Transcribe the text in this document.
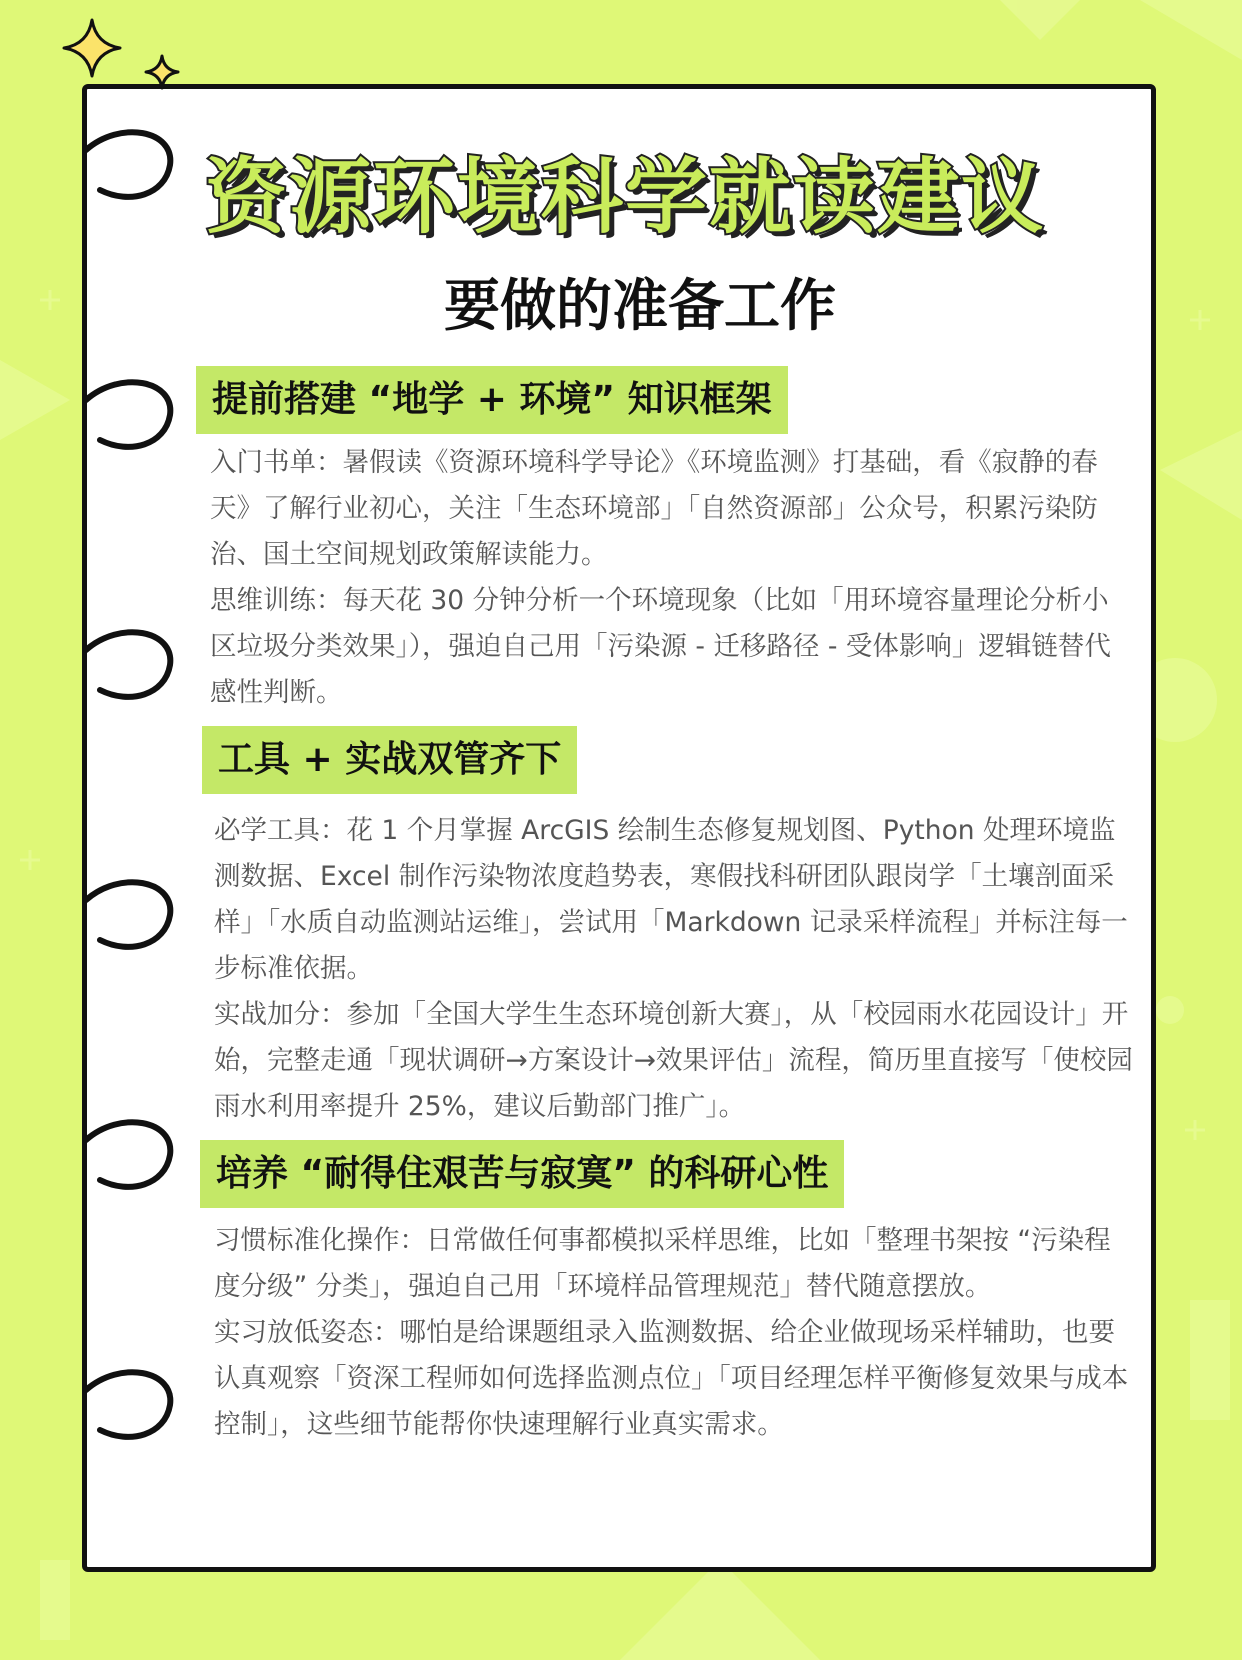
资源环境科学就读建议
要做的准备工作
提前搭建 “地学 + 环境” 知识框架

入门书单：暑假读《资源环境科学导论》《环境监测》打基础，看《寂静的春天》了解行业初心，关注「生态环境部」「自然资源部」公众号，积累污染防治、国土空间规划政策解读能力。

思维训练：每天花 30 分钟分析一个环境现象（比如「用环境容量理论分析小区垃圾分类效果」），强迫自己用「污染源 - 迁移路径 - 受体影响」逻辑链替代感性判断。

工具 + 实战双管齐下

必学工具：花 1 个月掌握 ArcGIS 绘制生态修复规划图、Python 处理环境监测数据、Excel 制作污染物浓度趋势表，寒假找科研团队跟岗学「土壤剖面采样」「水质自动监测站运维」，尝试用「Markdown 记录采样流程」并标注每一步标准依据。

实战加分：参加「全国大学生生态环境创新大赛」，从「校园雨水花园设计」开始，完整走通「现状调研→方案设计→效果评估」流程，简历里直接写「使校园雨水利用率提升 25%，建议后勤部门推广」。

培养 “耐得住艰苦与寂寞” 的科研心性

习惯标准化操作：日常做任何事都模拟采样思维，比如「整理书架按 “污染程度分级” 分类」，强迫自己用「环境样品管理规范」替代随意摆放。

实习放低姿态：哪怕是给课题组录入监测数据、给企业做现场采样辅助，也要认真观察「资深工程师如何选择监测点位」「项目经理怎样平衡修复效果与成本控制」，这些细节能帮你快速理解行业真实需求。
